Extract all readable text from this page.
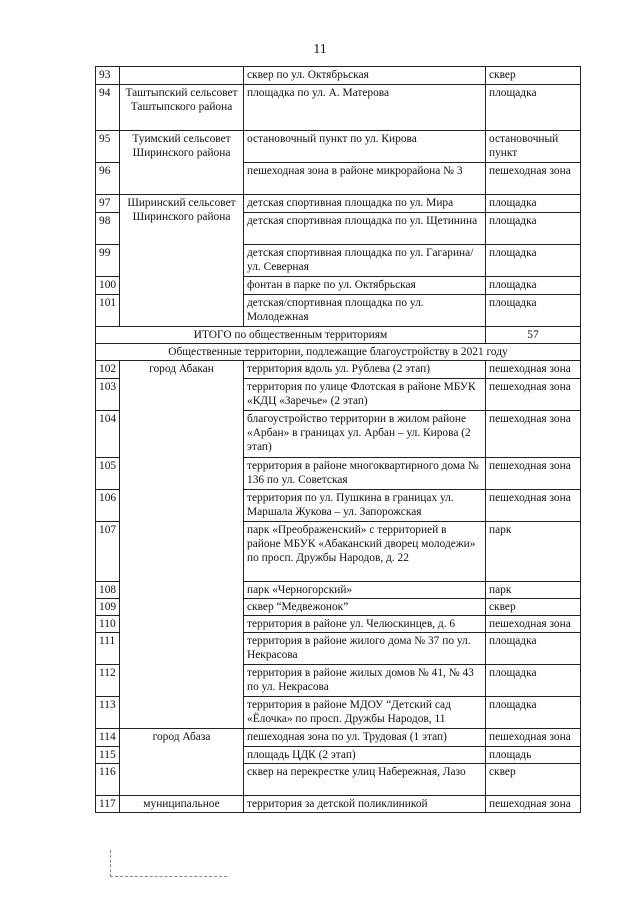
11
93		сквер по ул. Октябрьская	сквер
94	Таштыпский сельсовет Таштыпского района	площадка по ул. А. Матерова	площадка
95	Туимский сельсовет Ширинского района	остановочный пункт по ул. Кирова	остановочный пункт
96		пешеходная зона в районе микрорайона № 3	пешеходная зона
97	Ширинский сельсовет Ширинского района	детская спортивная площадка по ул. Мира	площадка
98		детская спортивная площадка по ул. Щетинина	площадка
99		детская спортивная площадка по ул. Гагарина/ ул. Северная	площадка
100		фонтан в парке по ул. Октябрьская	площадка
101		детская/спортивная площадка по ул. Молодежная	площадка
ИТОГО по общественным территориям			57
Общественные территории, подлежащие благоустройству в 2021 году			
102	город Абакан	территория вдоль ул. Рублева (2 этап)	пешеходная зона
103		территория по улице Флотская в районе МБУК «КДЦ «Заречье» (2 этап)	пешеходная зона
104		благоустройство территории в жилом районе «Арбан» в границах ул. Арбан – ул. Кирова (2 этап)	пешеходная зона
105		территория в районе многоквартирного дома № 136 по ул. Советская	пешеходная зона
106		территория по ул. Пушкина в границах ул. Маршала Жукова – ул. Запорожская	пешеходная зона
107		парк «Преображенский» с территорией в районе МБУК «Абаканский дворец молодежи» по просп. Дружбы Народов, д. 22	парк
108		парк «Черногорский»	парк
109		сквер “Медвежонок”	сквер
110		территория в районе ул. Челюскинцев, д. 6	пешеходная зона
111		территория в районе жилого дома № 37 по ул. Некрасова	площадка
112		территория в районе жилых домов № 41, № 43 по ул. Некрасова	площадка
113		территория в районе МДОУ “Детский сад «Ёлочка» по просп. Дружбы Народов, 11	площадка
114	город Абаза	пешеходная зона по ул. Трудовая (1 этап)	пешеходная зона
115		площадь ЦДК (2 этап)	площадь
116		сквер на перекрестке улиц Набережная, Лазо	сквер
117	муниципальное	территория за детской поликлиникой	пешеходная зона
